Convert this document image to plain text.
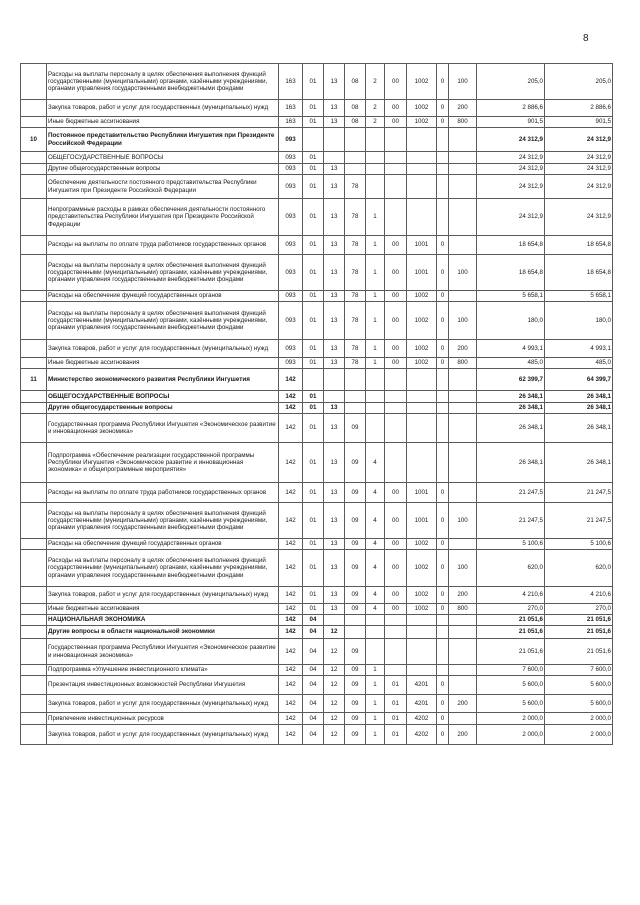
8
	Расходы на выплаты персоналу в целях обеспечения выполнения функций государственными (муниципальными) органами, казёнными учреждениями, органами управления государственными внебюджетными фондами	163	01	13	08	2	00	1002	0	100	205,0	205,0
	Закупка товаров, работ и услуг для государственных (муниципальных) нужд	163	01	13	08	2	00	1002	0	200	2 886,6	2 886,6
	Иные бюджетные ассигнования	163	01	13	08	2	00	1002	0	800	901,5	901,5
10	Постоянное представительство Республики Ингушетия при Президенте Российской Федерации	093									24 312,9	24 312,9
	ОБЩЕГОСУДАРСТВЕННЫЕ ВОПРОСЫ	093	01								24 312,9	24 312,9
	Другие общегосударственные вопросы	093	01	13							24 312,9	24 312,9
	Обеспечение деятельности постоянного представительства Республики Ингушетия при Президенте Российской Федерации	093	01	13	78						24 312,9	24 312,9
	Непрограммные расходы в рамках обеспечения деятельности постоянного представительства Республики Ингушетия при Президенте Российской Федерации	093	01	13	78	1					24 312,9	24 312,9
	Расходы на выплаты по оплате труда работников государственных органов	093	01	13	78	1	00	1001	0		18 654,8	18 654,8
	Расходы на выплаты персоналу в целях обеспечения выполнения функций государственными (муниципальными) органами, казёнными учреждениями, органами управления государственными внебюджетными фондами	093	01	13	78	1	00	1001	0	100	18 654,8	18 654,8
	Расходы на обеспечение функций государственных органов	093	01	13	78	1	00	1002	0		5 658,1	5 658,1
	Расходы на выплаты персоналу в целях обеспечения выполнения функций государственными (муниципальными) органами, казёнными учреждениями, органами управления государственными внебюджетными фондами	093	01	13	78	1	00	1002	0	100	180,0	180,0
	Закупка товаров, работ и услуг для государственных (муниципальных) нужд	093	01	13	78	1	00	1002	0	200	4 993,1	4 993,1
	Иные бюджетные ассигнования	093	01	13	78	1	00	1002	0	800	485,0	485,0
11	Министерство экономического развития Республики Ингушетия	142									62 399,7	64 399,7
	ОБЩЕГОСУДАРСТВЕННЫЕ ВОПРОСЫ	142	01								26 348,1	26 348,1
	Другие общегосударственные вопросы	142	01	13							26 348,1	26 348,1
	Государственная программа Республики Ингушетия «Экономическое развитие и инновационная экономика»	142	01	13	09						26 348,1	26 348,1
	Подпрограмма «Обеспечение реализации государственной программы Республики Ингушетия «Экономическое развитие и инновационная экономика» и общепрограммные мероприятия»	142	01	13	09	4					26 348,1	26 348,1
	Расходы на выплаты по оплате труда работников государственных органов	142	01	13	09	4	00	1001	0		21 247,5	21 247,5
	Расходы на выплаты персоналу в целях обеспечения выполнения функций государственными (муниципальными) органами, казёнными учреждениями, органами управления государственными внебюджетными фондами	142	01	13	09	4	00	1001	0	100	21 247,5	21 247,5
	Расходы на обеспечение функций государственных органов	142	01	13	09	4	00	1002	0		5 100,6	5 100,6
	Расходы на выплаты персоналу в целях обеспечения выполнения функций государственными (муниципальными) органами, казёнными учреждениями, органами управления государственными внебюджетными фондами	142	01	13	09	4	00	1002	0	100	620,0	620,0
	Закупка товаров, работ и услуг для государственных (муниципальных) нужд	142	01	13	09	4	00	1002	0	200	4 210,6	4 210,6
	Иные бюджетные ассигнования	142	01	13	09	4	00	1002	0	800	270,0	270,0
	НАЦИОНАЛЬНАЯ ЭКОНОМИКА	142	04								21 051,6	21 051,6
	Другие вопросы в области национальной экономики	142	04	12							21 051,6	21 051,6
	Государственная программа Республики Ингушетия «Экономическое развитие и инновационная экономика»	142	04	12	09						21 051,6	21 051,6
	Подпрограмма «Улучшение инвестиционного климата»	142	04	12	09	1					7 600,0	7 600,0
	Презентация инвестиционных возможностей Республики Ингушетия	142	04	12	09	1	01	4201	0		5 600,0	5 600,0
	Закупка товаров, работ и услуг для государственных (муниципальных) нужд	142	04	12	09	1	01	4201	0	200	5 600,0	5 600,0
	Привлечение инвестиционных ресурсов	142	04	12	09	1	01	4202	0		2 000,0	2 000,0
	Закупка товаров, работ и услуг для государственных (муниципальных) нужд	142	04	12	09	1	01	4202	0	200	2 000,0	2 000,0
